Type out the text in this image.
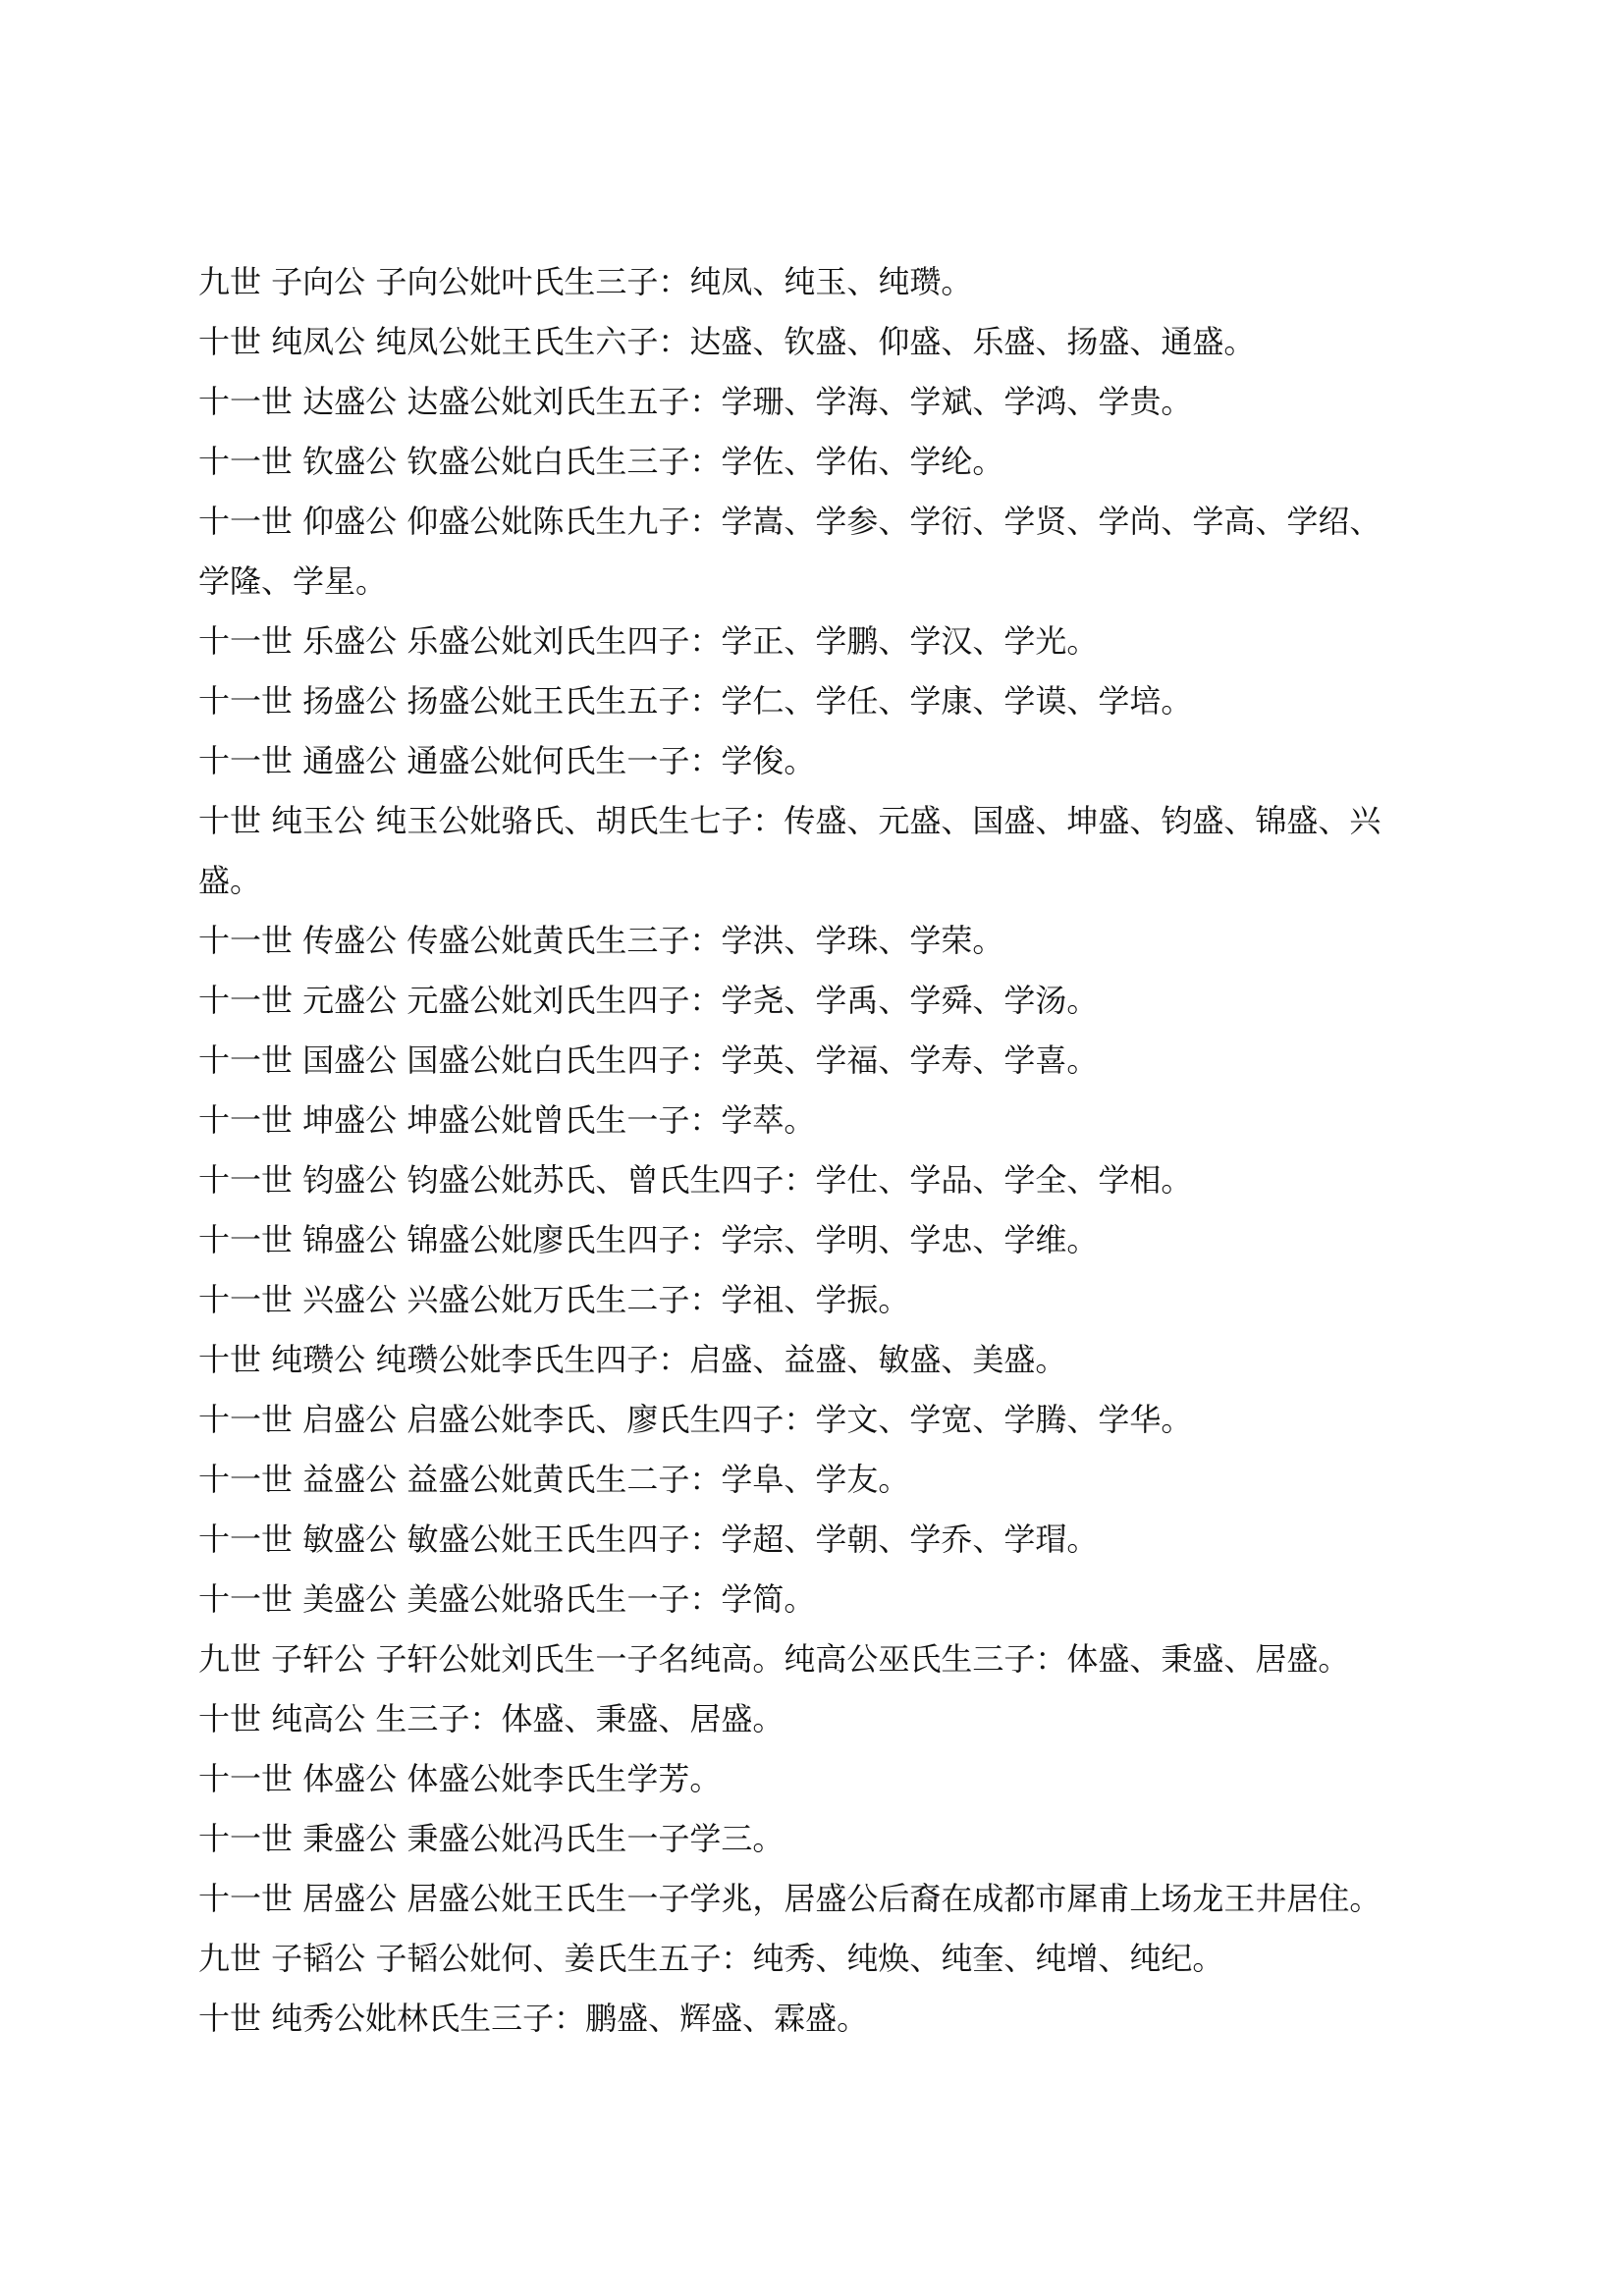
九世 子向公 子向公妣叶氏生三子：纯凤、纯玉、纯瓒。
十世 纯凤公 纯凤公妣王氏生六子：达盛、钦盛、仰盛、乐盛、扬盛、通盛。
十一世 达盛公 达盛公妣刘氏生五子：学珊、学海、学斌、学鸿、学贵。
十一世 钦盛公 钦盛公妣白氏生三子：学佐、学佑、学纶。
十一世 仰盛公 仰盛公妣陈氏生九子：学嵩、学参、学衍、学贤、学尚、学高、学绍、
学隆、学星。
十一世 乐盛公 乐盛公妣刘氏生四子：学正、学鹏、学汉、学光。
十一世 扬盛公 扬盛公妣王氏生五子：学仁、学任、学康、学谟、学培。
十一世 通盛公 通盛公妣何氏生一子：学俊。
十世 纯玉公 纯玉公妣骆氏、胡氏生七子：传盛、元盛、国盛、坤盛、钧盛、锦盛、兴
盛。
十一世 传盛公 传盛公妣黄氏生三子：学洪、学珠、学荣。
十一世 元盛公 元盛公妣刘氏生四子：学尧、学禹、学舜、学汤。
十一世 国盛公 国盛公妣白氏生四子：学英、学福、学寿、学喜。
十一世 坤盛公 坤盛公妣曾氏生一子：学萃。
十一世 钧盛公 钧盛公妣苏氏、曾氏生四子：学仕、学品、学全、学相。
十一世 锦盛公 锦盛公妣廖氏生四子：学宗、学明、学忠、学维。
十一世 兴盛公 兴盛公妣万氏生二子：学祖、学振。
十世 纯瓒公 纯瓒公妣李氏生四子：启盛、益盛、敏盛、美盛。
十一世 启盛公 启盛公妣李氏、廖氏生四子：学文、学宽、学腾、学华。
十一世 益盛公 益盛公妣黄氏生二子：学阜、学友。
十一世 敏盛公 敏盛公妣王氏生四子：学超、学朝、学乔、学瑁。
十一世 美盛公 美盛公妣骆氏生一子：学简。
九世 子轩公 子轩公妣刘氏生一子名纯高。纯高公巫氏生三子：体盛、秉盛、居盛。
十世 纯高公 生三子：体盛、秉盛、居盛。
十一世 体盛公 体盛公妣李氏生学芳。
十一世 秉盛公 秉盛公妣冯氏生一子学三。
十一世 居盛公 居盛公妣王氏生一子学兆，居盛公后裔在成都市犀甫上场龙王井居住。
九世 子韬公 子韬公妣何、姜氏生五子：纯秀、纯焕、纯奎、纯增、纯纪。
十世 纯秀公妣林氏生三子：鹏盛、辉盛、霖盛。
